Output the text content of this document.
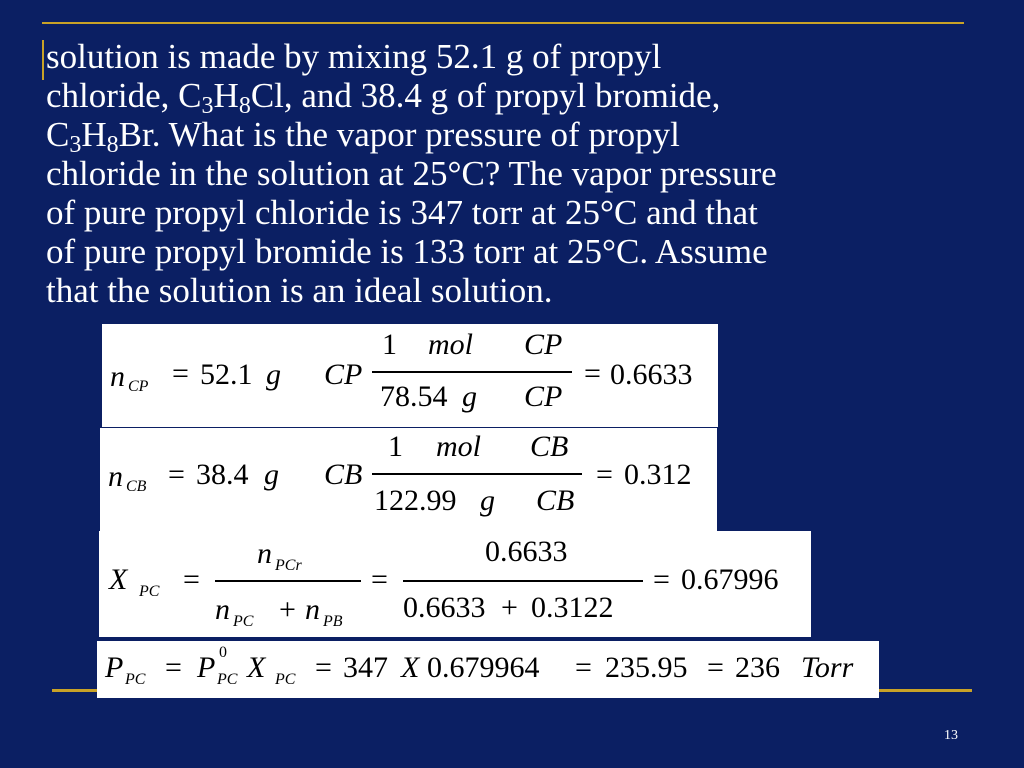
solution is made by mixing 52.1 g of propyl
chloride, $C_3H_8Cl$, and 38.4 g of propyl bromide,
$C_3H_8Br$. What is the vapor pressure of propyl
chloride in the solution at 25°C? The vapor pressure
of pure propyl chloride is 347 torr at 25°C and that
of pure propyl bromide is 133 torr at 25°C. Assume
that the solution is an ideal solution.
n CP = 52.1 g CP
1 mol CP
78.54 g CP
= 0.6633
n CB = 38.4 g CB
1 mol CB
122.99 g CB
= 0.312
X PC =
n PCr
n PC + n PB
=
0.6633
0.6633 + 0.3122
= 0.67996
P PC = P 0
PC X PC = 347 X 0.679964 = 235.95 = 236 Torr
13
